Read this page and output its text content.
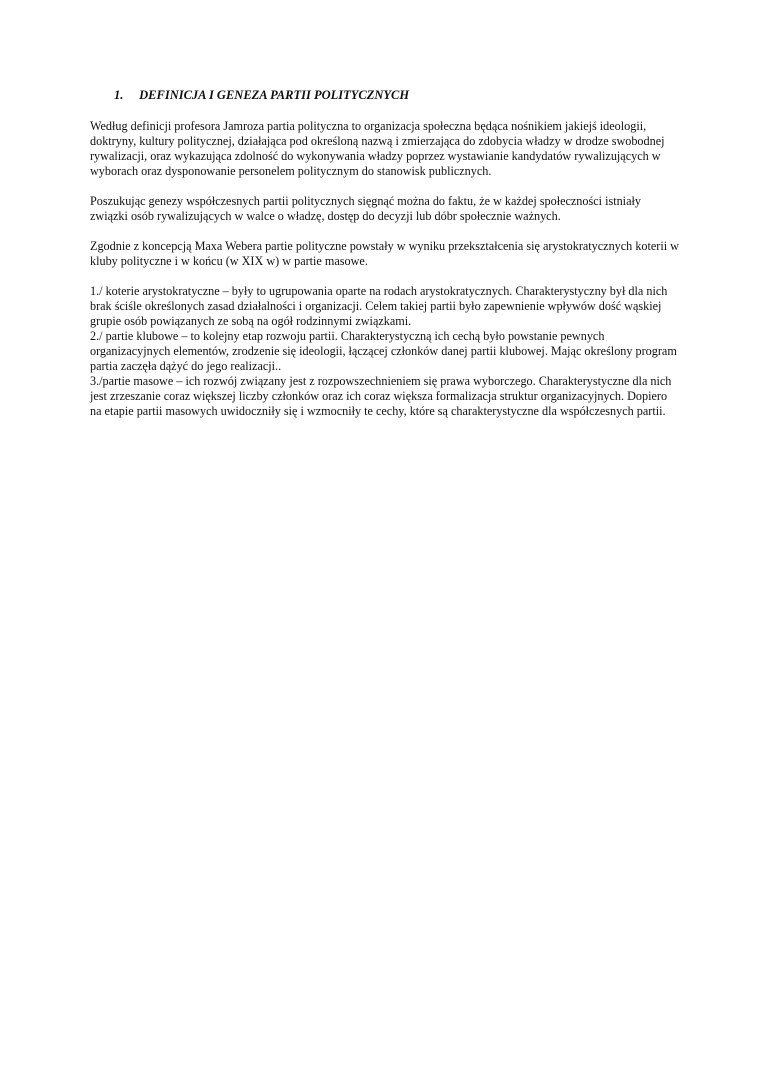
1. DEFINICJA I GENEZA PARTII POLITYCZNYCH

Według definicji profesora Jamroza partia polityczna to organizacja społeczna będąca nośnikiem jakiejś ideologii, doktryny, kultury politycznej, działająca pod określoną nazwą i zmierzająca do zdobycia władzy w drodze swobodnej rywalizacji, oraz wykazująca zdolność do wykonywania władzy poprzez wystawianie kandydatów rywalizujących w wyborach oraz dysponowanie personelem politycznym do stanowisk publicznych.

Poszukując genezy współczesnych partii politycznych sięgnąć można do faktu, że w każdej społeczności istniały związki osób rywalizujących w walce o władzę, dostęp do decyzji lub dóbr społecznie ważnych.

Zgodnie z koncepcją Maxa Webera partie polityczne powstały w wyniku przekształcenia się arystokratycznych koterii w kluby polityczne i w końcu (w XIX w) w partie masowe.

1./ koterie arystokratyczne – były to ugrupowania oparte na rodach arystokratycznych. Charakterystyczny był dla nich brak ściśle określonych zasad działalności i organizacji. Celem takiej partii było zapewnienie wpływów dość wąskiej grupie osób powiązanych ze sobą na ogół rodzinnymi związkami.
2./ partie klubowe – to kolejny etap rozwoju partii. Charakterystyczną ich cechą było powstanie pewnych organizacyjnych elementów, zrodzenie się ideologii, łączącej członków danej partii klubowej. Mając określony program partia zaczęła dążyć do jego realizacji..
3./partie masowe – ich rozwój związany jest z rozpowszechnieniem się prawa wyborczego. Charakterystyczne dla nich jest zrzeszanie coraz większej liczby członków oraz ich coraz większa formalizacja struktur organizacyjnych. Dopiero na etapie partii masowych uwidoczniły się i wzmocniły te cechy, które są charakterystyczne dla współczesnych partii.
